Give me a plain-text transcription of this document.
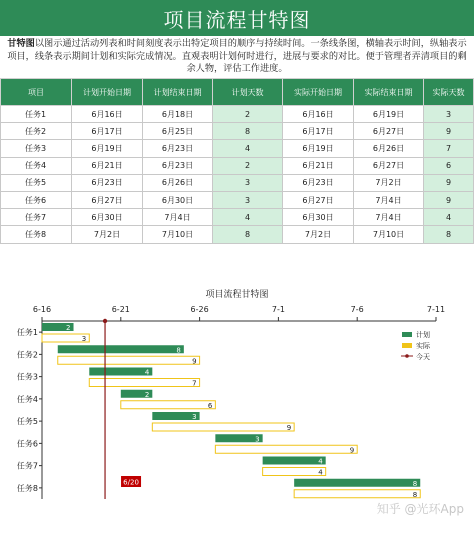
项目流程甘特图
甘特图以图示通过活动列表和时间刻度表示出特定项目的顺序与持续时间。一条线条图，横轴表示时间，纵轴表示项目，线条表示期间计划和实际完成情况。直观表明计划何时进行，进展与要求的对比。便于管理者弄清项目的剩余人物，评估工作进度。
项目	计划开始日期	计划结束日期	计划天数	实际开始日期	实际结束日期	实际天数
任务1	6月16日	6月18日	2	6月16日	6月19日	3
任务2	6月17日	6月25日	8	6月17日	6月27日	9
任务3	6月19日	6月23日	4	6月19日	6月26日	7
任务4	6月21日	6月23日	2	6月21日	6月27日	6
任务5	6月23日	6月26日	3	6月23日	7月2日	9
任务6	6月27日	6月30日	3	6月27日	7月4日	9
任务7	6月30日	7月4日	4	6月30日	7月4日	4
任务8	7月2日	7月10日	8	7月2日	7月10日	8
项目流程甘特图
6-16	6-21	6-26	7-1	7-6	7-11
任务1
2
3
任务2
8
9
任务3
4
7
任务4
2
6
任务5
3
9
任务6
3
9
任务7
4
4
任务8
8
8
6/20
计划
实际
今天
知乎 @光环App
